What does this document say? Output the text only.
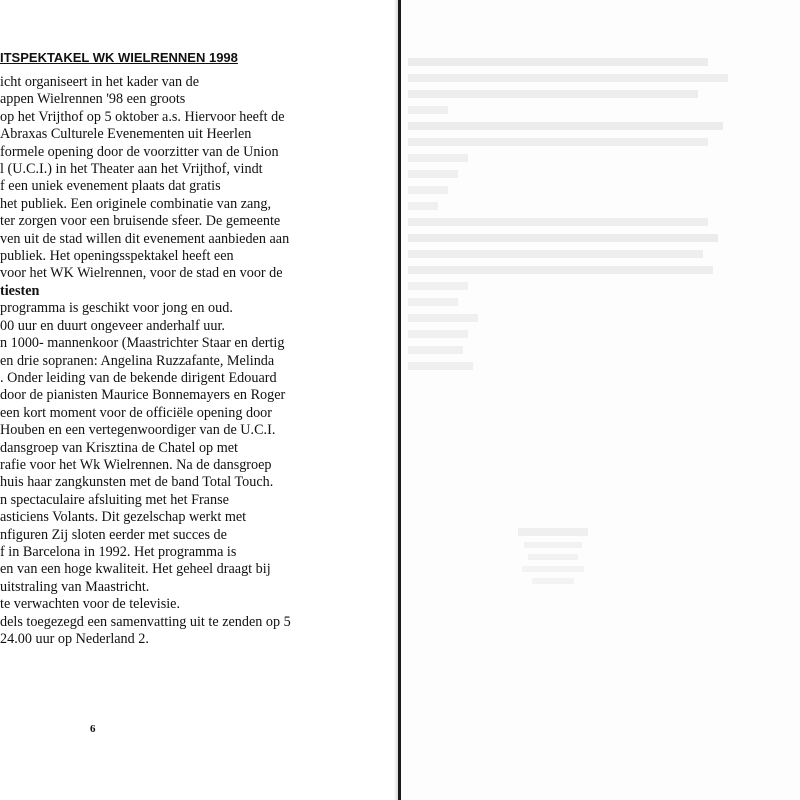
ITSPEKTAKEL WK WIELRENNEN 1998
icht organiseert in het kader van de
appen Wielrennen '98 een groots
op het Vrijthof op 5 oktober a.s. Hiervoor heeft de
Abraxas Culturele Evenementen uit Heerlen
formele opening door de voorzitter van de Union
l (U.C.I.) in het Theater aan het Vrijthof, vindt
f een uniek evenement plaats dat gratis
het publiek. Een originele combinatie van zang,
ter zorgen voor een bruisende sfeer. De gemeente
ven uit de stad willen dit evenement aanbieden aan
publiek. Het openingsspektakel heeft een
voor het WK Wielrennen, voor de stad en voor de
tiesten
programma is geschikt voor jong en oud.
00 uur en duurt ongeveer anderhalf uur.
n 1000- mannenkoor (Maastrichter Staar en dertig
en drie sopranen: Angelina Ruzzafante, Melinda
. Onder leiding van de bekende dirigent Edouard
door de pianisten Maurice Bonnemayers en Roger
een kort moment voor de officiële opening door
Houben en een vertegenwoordiger van de U.C.I.
dansgroep van Krisztina de Chatel op met
rafie voor het Wk Wielrennen. Na de dansgroep
huis haar zangkunsten met de band Total Touch.
n spectaculaire afsluiting met het Franse
asticiens Volants. Dit gezelschap werkt met
nfiguren Zij sloten eerder met succes de
f in Barcelona in 1992. Het programma is
en van een hoge kwaliteit. Het geheel draagt bij
uitstraling van Maastricht.
te verwachten voor de televisie.
dels toegezegd een samenvatting uit te zenden op 5
24.00 uur op Nederland 2.
6
